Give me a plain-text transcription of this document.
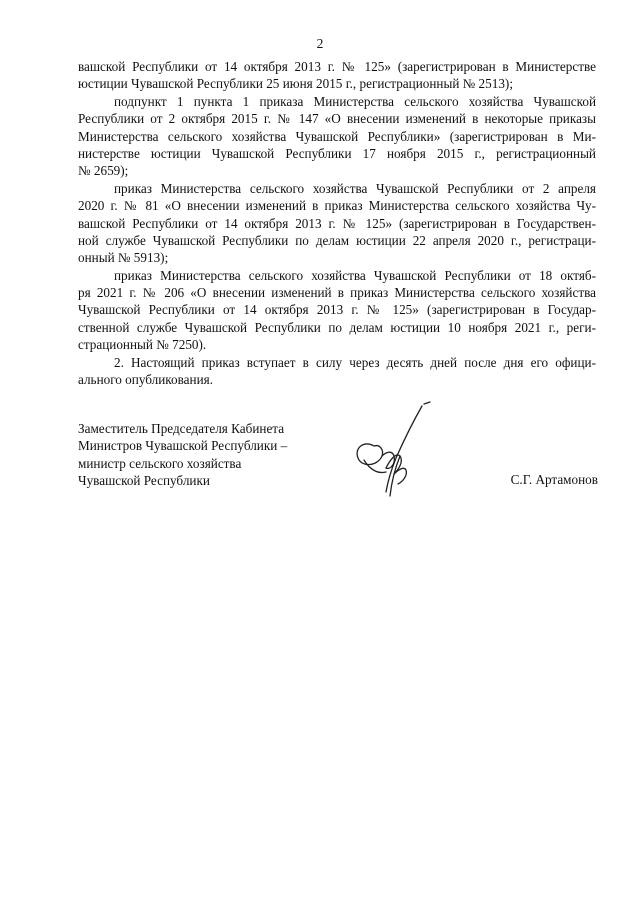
2
вашской Республики от 14 октября 2013 г. № 125» (зарегистрирован в Министерстве
юстиции Чувашской Республики 25 июня 2015 г., регистрационный № 2513);
подпункт 1 пункта 1 приказа Министерства сельского хозяйства Чувашской
Республики от 2 октября 2015 г. № 147 «О внесении изменений в некоторые приказы
Министерства сельского хозяйства Чувашской Республики» (зарегистрирован в Ми-
нистерстве юстиции Чувашской Республики 17 ноября 2015 г., регистрационный
№ 2659);
приказ Министерства сельского хозяйства Чувашской Республики от 2 апреля
2020 г. № 81 «О внесении изменений в приказ Министерства сельского хозяйства Чу-
вашской Республики от 14 октября 2013 г. № 125» (зарегистрирован в Государствен-
ной службе Чувашской Республики по делам юстиции 22 апреля 2020 г., регистраци-
онный № 5913);
приказ Министерства сельского хозяйства Чувашской Республики от 18 октяб-
ря 2021 г. № 206 «О внесении изменений в приказ Министерства сельского хозяйства
Чувашской Республики от 14 октября 2013 г. № 125» (зарегистрирован в Государ-
ственной службе Чувашской Республики по делам юстиции 10 ноября 2021 г., реги-
страционный № 7250).
2. Настоящий приказ вступает в силу через десять дней после дня его офици-
ального опубликования.
Заместитель Председателя Кабинета
Министров Чувашской Республики –
министр сельского хозяйства
Чувашской Республики	С.Г. Артамонов
